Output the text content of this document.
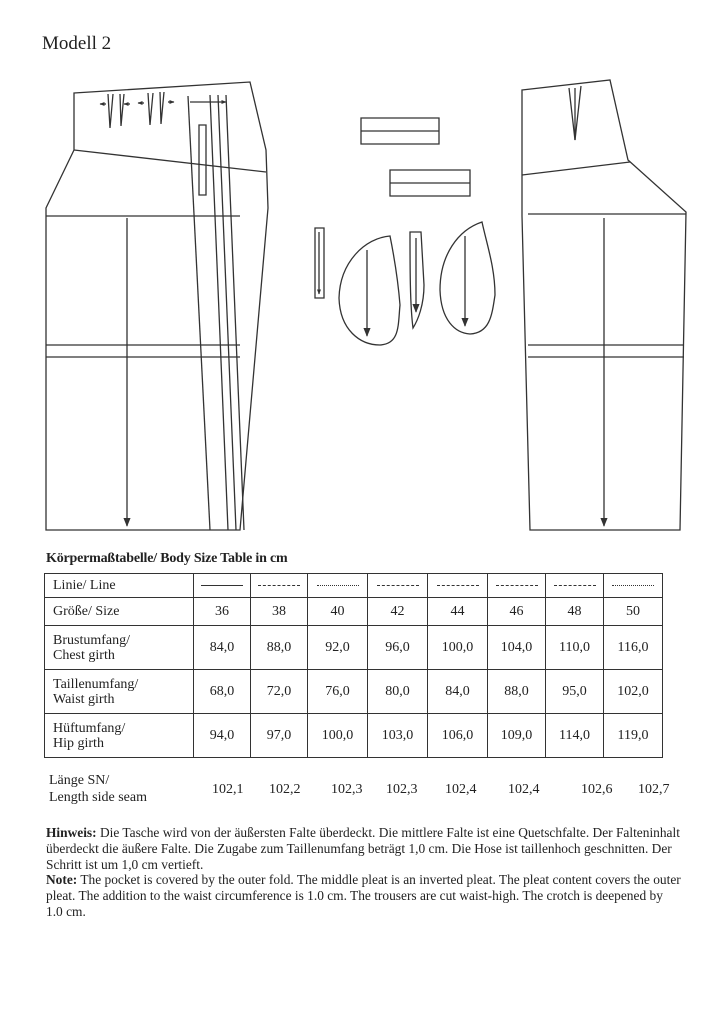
Modell 2
Körpermaßtabelle/ Body Size Table in cm
Linie/ Line								

Größe/ Size	36	38	40	42	44	46	48	50

Brustumfang/
Chest girth	84,0	88,0	92,0	96,0	100,0	104,0	110,0	116,0

Taillenumfang/
Waist girth	68,0	72,0	76,0	80,0	84,0	88,0	95,0	102,0

Hüftumfang/
Hip girth	94,0	97,0	100,0	103,0	106,0	109,0	114,0	119,0
Länge SN/
Length side seam
102,1 102,2 102,3 102,3 102,4 102,4	102,6 102,7

Hinweis: Die Tasche wird von der äußersten Falte überdeckt. Die mittlere Falte ist eine Quetschfalte. Der Falteninhalt überdeckt die äußere Falte. Die Zugabe zum Taillenumfang beträgt 1,0 cm. Die Hose ist taillenhoch geschnitten. Der Schritt ist um 1,0 cm vertieft.

Note: The pocket is covered by the outer fold. The middle pleat is an inverted pleat. The pleat content covers the outer pleat. The addition to the waist circumference is 1.0 cm. The trousers are cut waist-high. The crotch is deepened by 1.0 cm.
